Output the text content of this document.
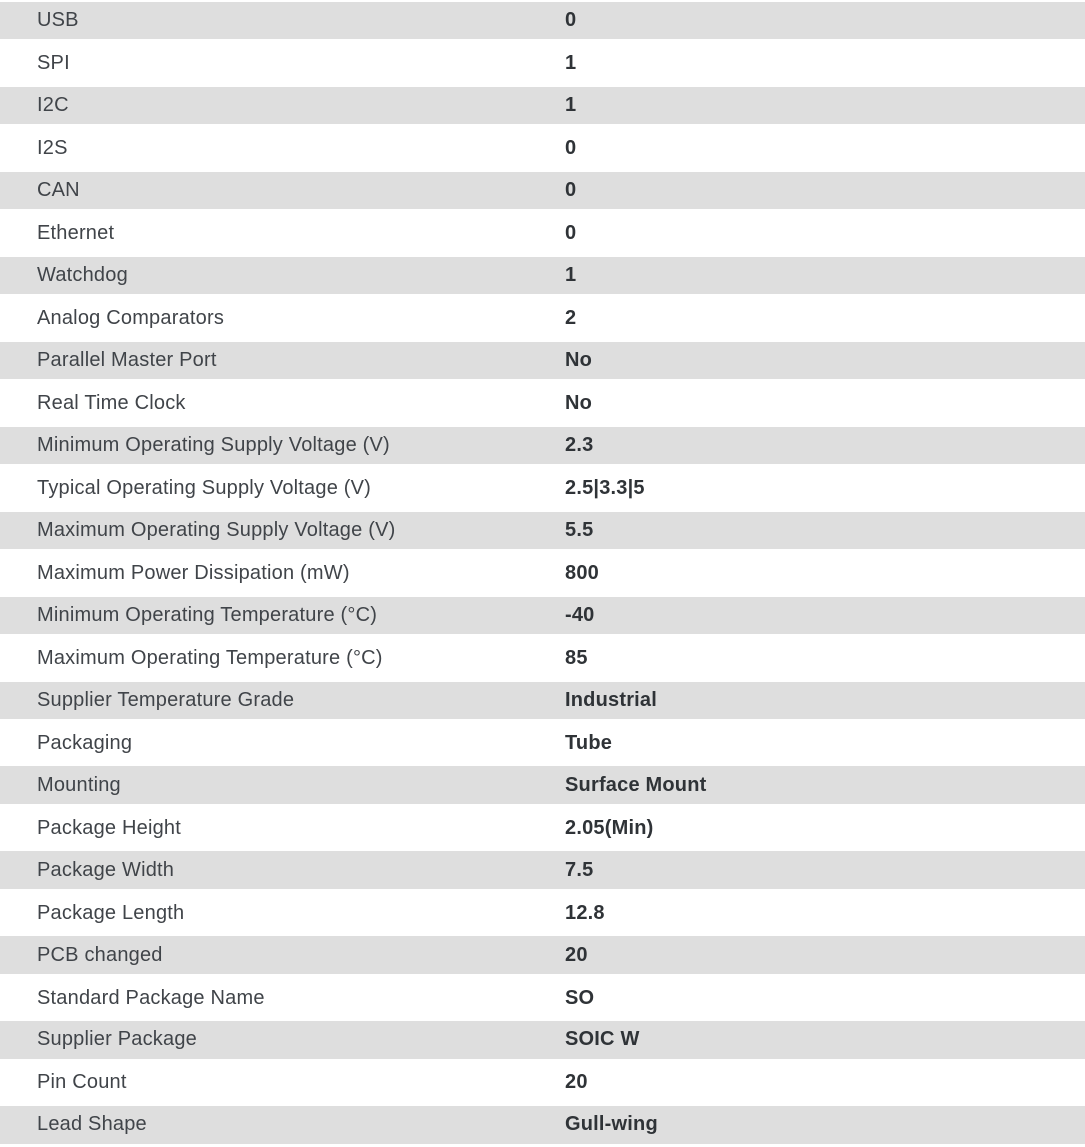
USB	0
SPI	1
I2C	1
I2S	0
CAN	0
Ethernet	0
Watchdog	1
Analog Comparators	2
Parallel Master Port	No
Real Time Clock	No
Minimum Operating Supply Voltage (V)	2.3
Typical Operating Supply Voltage (V)	2.5|3.3|5
Maximum Operating Supply Voltage (V)	5.5
Maximum Power Dissipation (mW)	800
Minimum Operating Temperature (°C)	-40
Maximum Operating Temperature (°C)	85
Supplier Temperature Grade	Industrial
Packaging	Tube
Mounting	Surface Mount
Package Height	2.05(Min)
Package Width	7.5
Package Length	12.8
PCB changed	20
Standard Package Name	SO
Supplier Package	SOIC W
Pin Count	20
Lead Shape	Gull-wing
